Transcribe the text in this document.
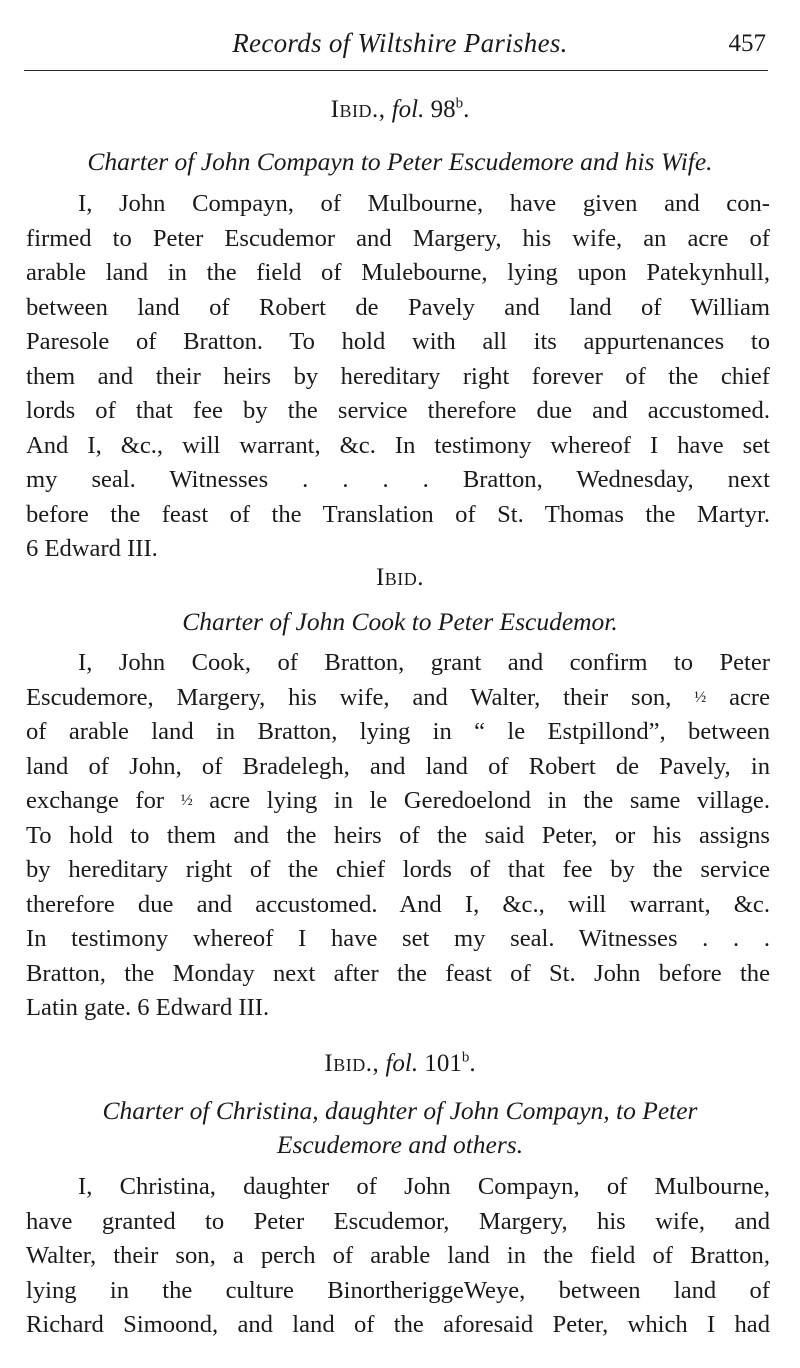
Records of Wiltshire Parishes.	457
Ibid., fol. 98$^b$.
Charter of John Compayn to Peter Escudemore and his Wife.
I, John Compayn, of Mulbourne, have given and con-
firmed to Peter Escudemor and Margery, his wife, an acre of
arable land in the field of Mulebourne, lying upon Patekynhull,
between land of Robert de Pavely and land of William
Paresole of Bratton. To hold with all its appurtenances to
them and their heirs by hereditary right forever of the chief
lords of that fee by the service therefore due and accustomed.
And I, &c., will warrant, &c. In testimony whereof I have set
my seal. Witnesses . . . . Bratton, Wednesday, next
before the feast of the Translation of St. Thomas the Martyr.
6 Edward III.
Ibid.
Charter of John Cook to Peter Escudemor.
I, John Cook, of Bratton, grant and confirm to Peter
Escudemore, Margery, his wife, and Walter, their son, ½ acre
of arable land in Bratton, lying in “ le Estpillond”, between
land of John, of Bradelegh, and land of Robert de Pavely, in
exchange for ½ acre lying in le Geredoelond in the same village.
To hold to them and the heirs of the said Peter, or his assigns
by hereditary right of the chief lords of that fee by the service
therefore due and accustomed. And I, &c., will warrant, &c.
In testimony whereof I have set my seal. Witnesses . . .
Bratton, the Monday next after the feast of St. John before the
Latin gate. 6 Edward III.
Ibid., fol. 101$^b$.
Charter of Christina, daughter of John Compayn, to Peter
Escudemore and others.
I, Christina, daughter of John Compayn, of Mulbourne,
have granted to Peter Escudemor, Margery, his wife, and
Walter, their son, a perch of arable land in the field of Bratton,
lying in the culture BinortheriggeWeye, between land of
Richard Simoond, and land of the aforesaid Peter, which I had
